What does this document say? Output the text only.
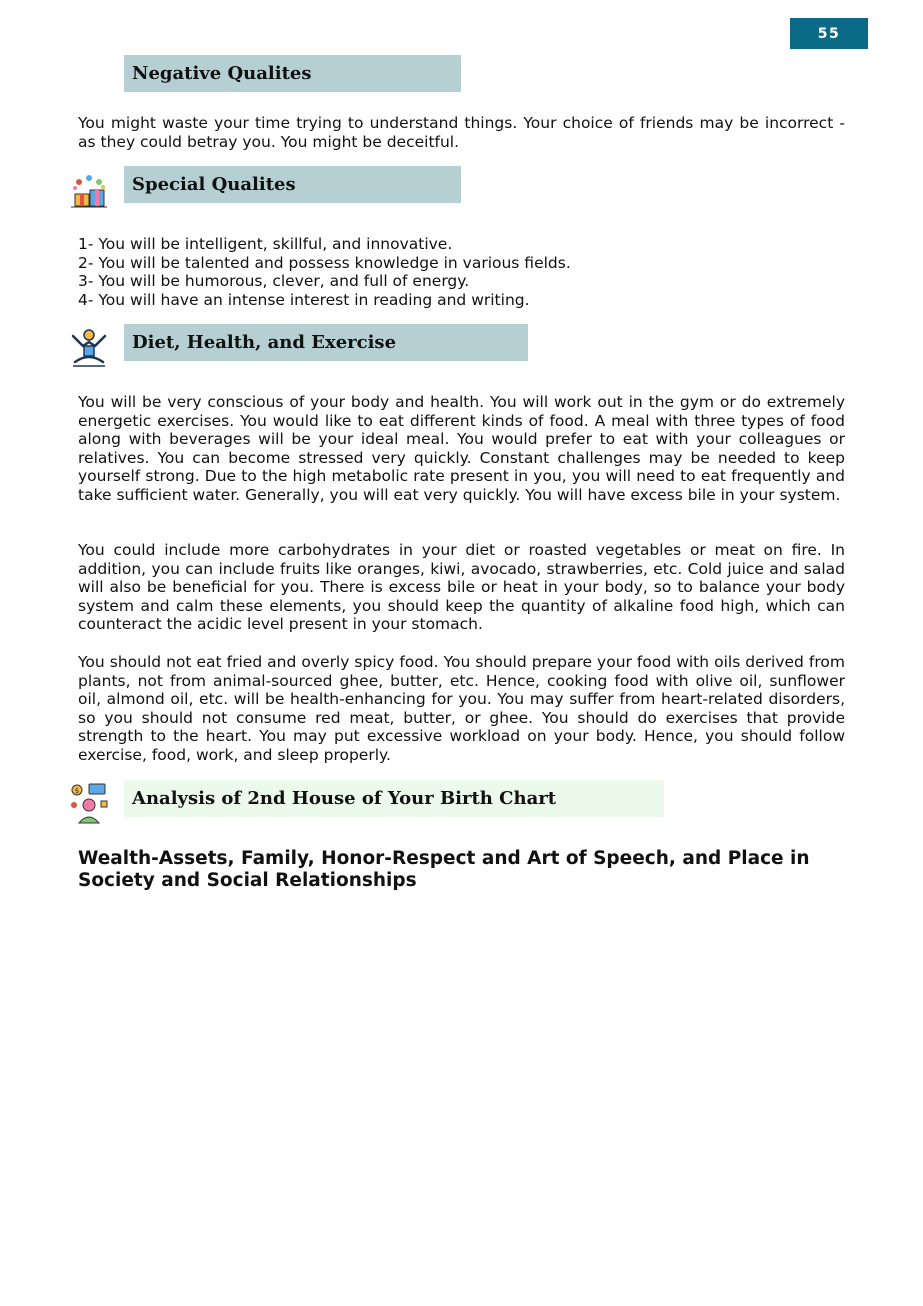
55
Negative Qualites

You might waste your time trying to understand things. Your choice of friends may be incorrect - as they could betray you. You might be deceitful.

Special Qualites
1- You will be intelligent, skillful, and innovative.
2- You will be talented and possess knowledge in various fields.
3- You will be humorous, clever, and full of energy.
4- You will have an intense interest in reading and writing.
Diet, Health, and Exercise

You will be very conscious of your body and health. You will work out in the gym or do extremely energetic exercises. You would like to eat different kinds of food. A meal with three types of food along with beverages will be your ideal meal. You would prefer to eat with your colleagues or relatives. You can become stressed very quickly. Constant challenges may be needed to keep yourself strong. Due to the high metabolic rate present in you, you will need to eat frequently and take sufficient water. Generally, you will eat very quickly. You will have excess bile in your system.

You could include more carbohydrates in your diet or roasted vegetables or meat on fire. In addition, you can include fruits like oranges, kiwi, avocado, strawberries, etc. Cold juice and salad will also be beneficial for you. There is excess bile or heat in your body, so to balance your body system and calm these elements, you should keep the quantity of alkaline food high, which can counteract the acidic level present in your stomach.

You should not eat fried and overly spicy food. You should prepare your food with oils derived from plants, not from animal-sourced ghee, butter, etc. Hence, cooking food with olive oil, sunflower oil, almond oil, etc. will be health-enhancing for you. You may suffer from heart-related disorders, so you should not consume red meat, butter, or ghee. You should do exercises that provide strength to the heart. You may put excessive workload on your body. Hence, you should follow exercise, food, work, and sleep properly.

$	Analysis of 2nd House of Your Birth Chart
Wealth-Assets, Family, Honor-Respect and Art of Speech, and Place in Society and Social Relationships
